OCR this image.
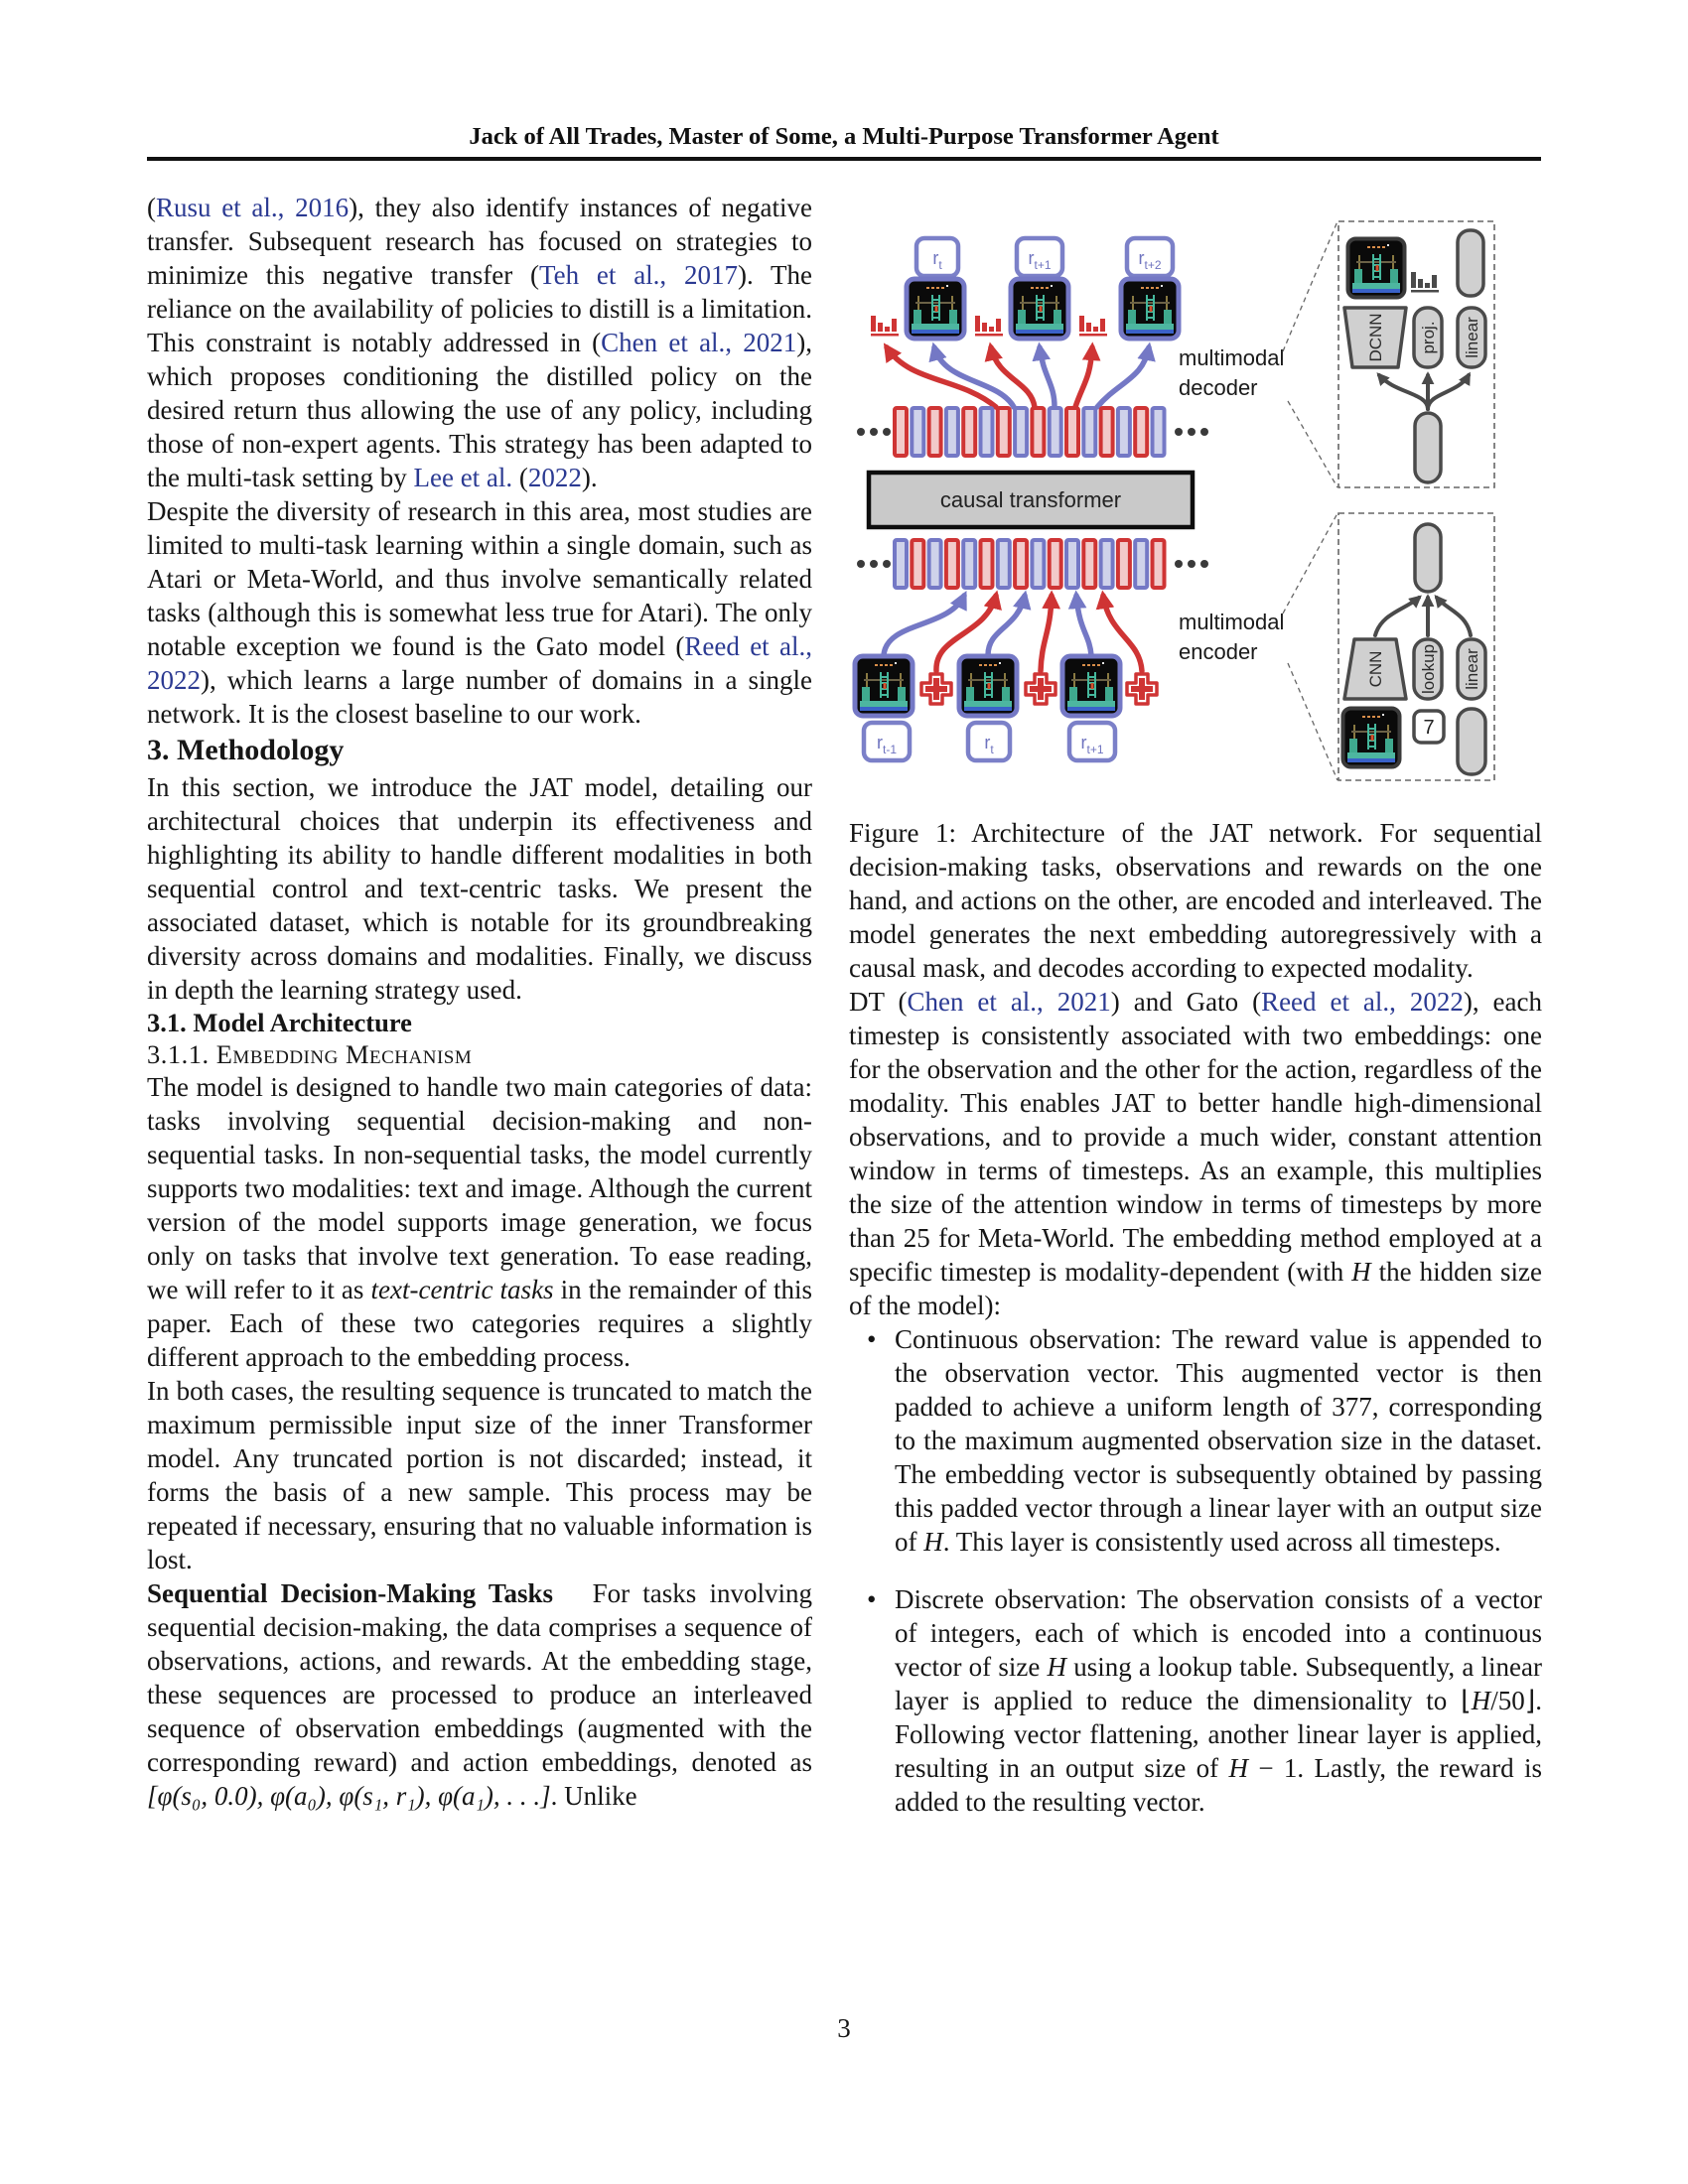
Jack of All Trades, Master of Some, a Multi-Purpose Transformer Agent

(Rusu et al., 2016), they also identify instances of negative transfer. Subsequent research has focused on strategies to minimize this negative transfer (Teh et al., 2017). The reliance on the availability of policies to distill is a limitation. This constraint is notably addressed in (Chen et al., 2021), which proposes conditioning the distilled policy on the desired return thus allowing the use of any policy, including those of non-expert agents. This strategy has been adapted to the multi-task setting by Lee et al. (2022).

Despite the diversity of research in this area, most studies are limited to multi-task learning within a single domain, such as Atari or Meta-World, and thus involve semantically related tasks (although this is somewhat less true for Atari). The only notable exception we found is the Gato model (Reed et al., 2022), which learns a large number of domains in a single network. It is the closest baseline to our work.

3. Methodology

In this section, we introduce the JAT model, detailing our architectural choices that underpin its effectiveness and highlighting its ability to handle different modalities in both sequential control and text-centric tasks. We present the associated dataset, which is notable for its groundbreaking diversity across domains and modalities. Finally, we discuss in depth the learning strategy used.

3.1. Model Architecture
3.1.1. Embedding Mechanism

The model is designed to handle two main categories of data: tasks involving sequential decision-making and non-sequential tasks. In non-sequential tasks, the model currently supports two modalities: text and image. Although the current version of the model supports image generation, we focus only on tasks that involve text generation. To ease reading, we will refer to it as text-centric tasks in the remainder of this paper. Each of these two categories requires a slightly different approach to the embedding process.

In both cases, the resulting sequence is truncated to match the maximum permissible input size of the inner Transformer model. Any truncated portion is not discarded; instead, it forms the basis of a new sample. This process may be repeated if necessary, ensuring that no valuable information is lost.

Sequential Decision-Making Tasks   For tasks involving sequential decision-making, the data comprises a sequence of observations, actions, and rewards. At the embedding stage, these sequences are processed to produce an interleaved sequence of observation embeddings (augmented with the corresponding reward) and action embeddings, denoted as [φ(s₀, 0.0), φ(a₀), φ(s₁, r₁), φ(a₁), . . .]. Unlike

$r_t$	$r_{t+1}$	$r_{t+2}$
causal transformer
$r_{t-1}$	$r_t$	$r_{t+1}$
multimodal
decoder
multimodal
encoder
DCNN proj. linear
CNN lookup linear
7

Figure 1: Architecture of the JAT network. For sequential decision-making tasks, observations and rewards on the one hand, and actions on the other, are encoded and interleaved. The model generates the next embedding autoregressively with a causal mask, and decodes according to expected modality.

DT (Chen et al., 2021) and Gato (Reed et al., 2022), each timestep is consistently associated with two embeddings: one for the observation and the other for the action, regardless of the modality. This enables JAT to better handle high-dimensional observations, and to provide a much wider, constant attention window in terms of timesteps. As an example, this multiplies the size of the attention window in terms of timesteps by more than 25 for Meta-World. The embedding method employed at a specific timestep is modality-dependent (with H the hidden size of the model):

• Continuous observation: The reward value is appended to the observation vector. This augmented vector is then padded to achieve a uniform length of 377, corresponding to the maximum augmented observation size in the dataset. The embedding vector is subsequently obtained by passing this padded vector through a linear layer with an output size of H. This layer is consistently used across all timesteps.
• Discrete observation: The observation consists of a vector of integers, each of which is encoded into a continuous vector of size H using a lookup table. Subsequently, a linear layer is applied to reduce the dimensionality to ⌊H/50⌋. Following vector flattening, another linear layer is applied, resulting in an output size of H − 1. Lastly, the reward is added to the resulting vector.
3
